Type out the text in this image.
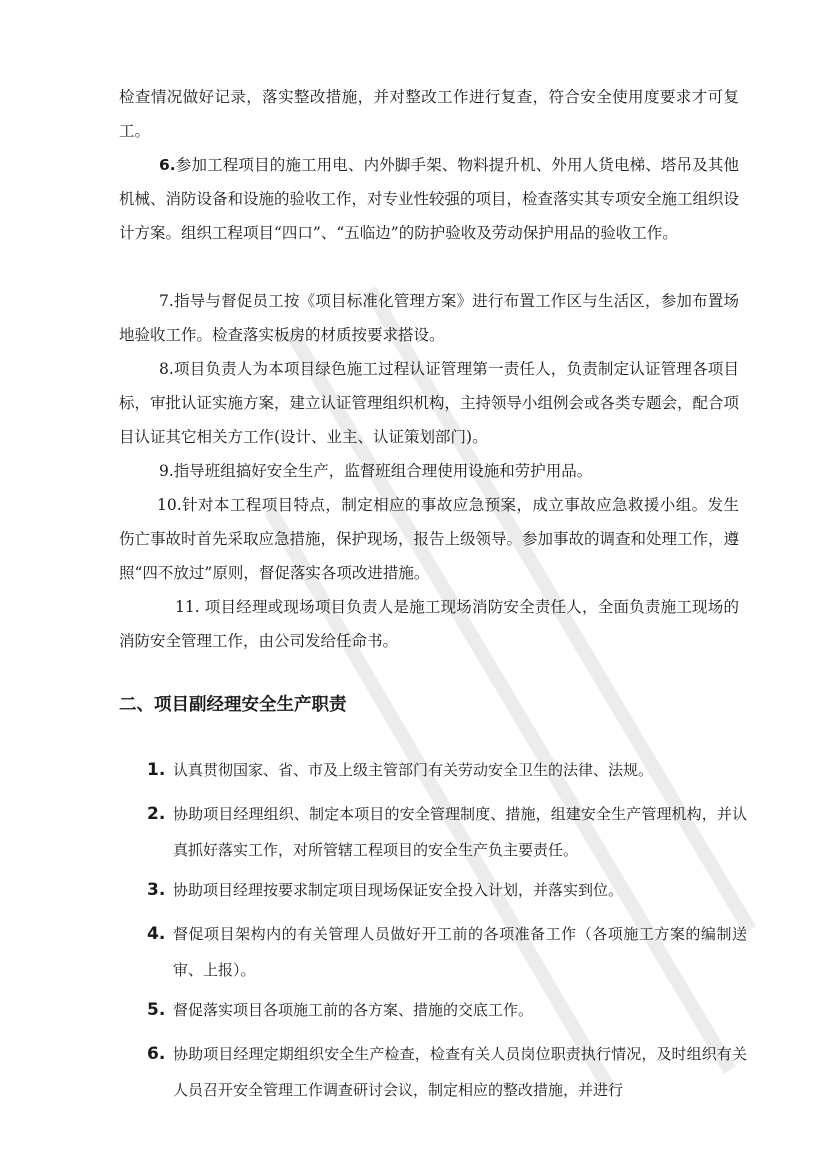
检查情况做好记录，落实整改措施，并对整改工作进行复查，符合安全使用度要求才可复工。

6.参加工程项目的施工用电、内外脚手架、物料提升机、外用人货电梯、塔吊及其他机械、消防设备和设施的验收工作，对专业性较强的项目，检查落实其专项安全施工组织设计方案。组织工程项目“四口”、“五临边”的防护验收及劳动保护用品的验收工作。

7.指导与督促员工按《项目标准化管理方案》进行布置工作区与生活区，参加布置场地验收工作。检查落实板房的材质按要求搭设。

8.项目负责人为本项目绿色施工过程认证管理第一责任人，负责制定认证管理各项目标，审批认证实施方案，建立认证管理组织机构，主持领导小组例会或各类专题会，配合项目认证其它相关方工作(设计、业主、认证策划部门)。

9.指导班组搞好安全生产，监督班组合理使用设施和劳护用品。

10.针对本工程项目特点，制定相应的事故应急预案，成立事故应急救援小组。发生伤亡事故时首先采取应急措施，保护现场，报告上级领导。参加事故的调查和处理工作，遵照“四不放过”原则，督促落实各项改进措施。

11. 项目经理或现场项目负责人是施工现场消防安全责任人，全面负责施工现场的消防安全管理工作，由公司发给任命书。

二、项目副经理安全生产职责
1. 认真贯彻国家、省、市及上级主管部门有关劳动安全卫生的法律、法规。
2. 协助项目经理组织、制定本项目的安全管理制度、措施，组建安全生产管理机构，并认真抓好落实工作，对所管辖工程项目的安全生产负主要责任。
3. 协助项目经理按要求制定项目现场保证安全投入计划，并落实到位。
4. 督促项目架构内的有关管理人员做好开工前的各项准备工作（各项施工方案的编制送审、上报）。
5. 督促落实项目各项施工前的各方案、措施的交底工作。
6. 协助项目经理定期组织安全生产检查，检查有关人员岗位职责执行情况，及时组织有关人员召开安全管理工作调查研讨会议，制定相应的整改措施，并进行
